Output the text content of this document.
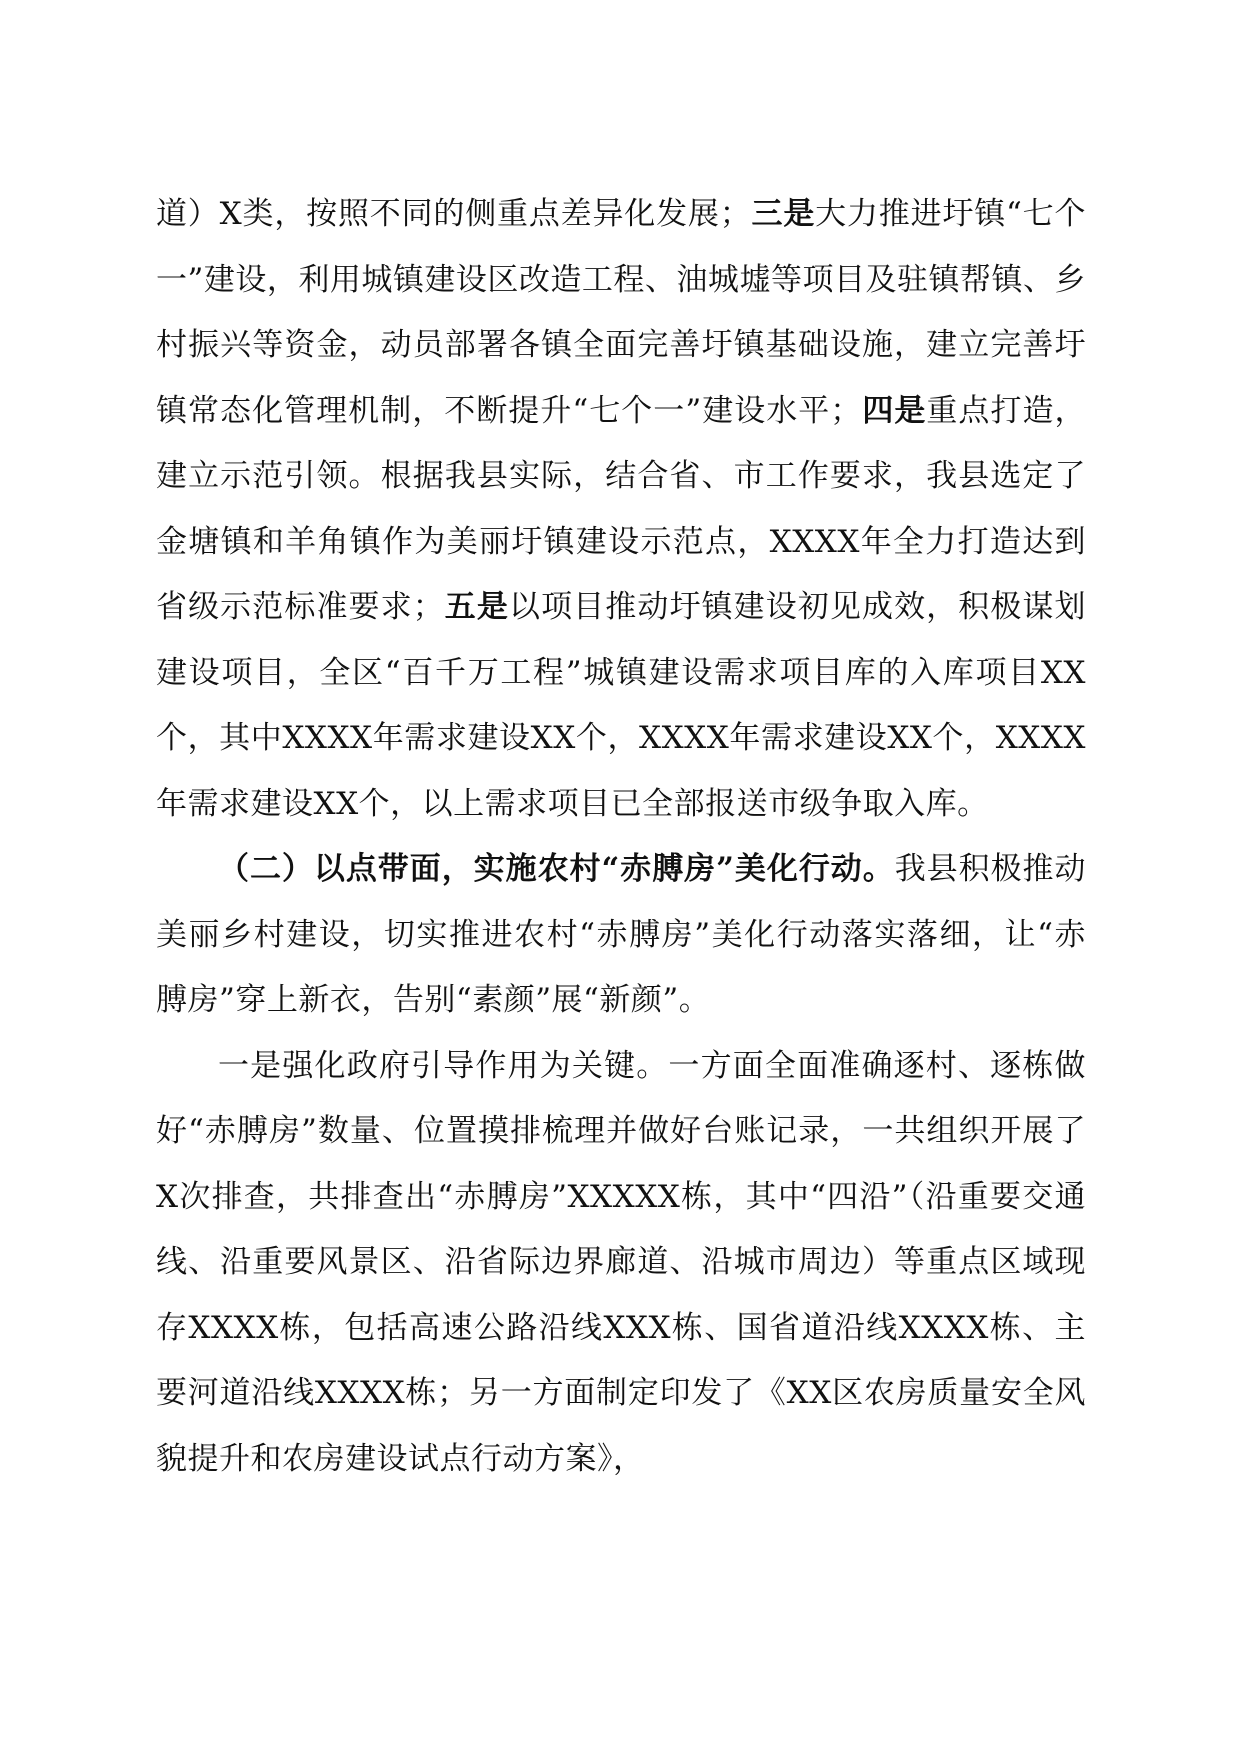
道）X类，按照不同的侧重点差异化发展；三是大力推进圩镇“七个一”建设，利用城镇建设区改造工程、油城墟等项目及驻镇帮镇、乡村振兴等资金，动员部署各镇全面完善圩镇基础设施，建立完善圩镇常态化管理机制，不断提升“七个一”建设水平；四是重点打造，建立示范引领。根据我县实际，结合省、市工作要求，我县选定了金塘镇和羊角镇作为美丽圩镇建设示范点，XXXX年全力打造达到省级示范标准要求；五是以项目推动圩镇建设初见成效，积极谋划建设项目，全区“百千万工程”城镇建设需求项目库的入库项目XX个，其中XXXX年需求建设XX个，XXXX年需求建设XX个，XXXX年需求建设XX个，以上需求项目已全部报送市级争取入库。

（二）以点带面，实施农村“赤膊房”美化行动。我县积极推动美丽乡村建设，切实推进农村“赤膊房”美化行动落实落细，让“赤膊房”穿上新衣，告别“素颜”展“新颜”。

一是强化政府引导作用为关键。一方面全面准确逐村、逐栋做好“赤膊房”数量、位置摸排梳理并做好台账记录，一共组织开展了X次排查，共排查出“赤膊房”XXXXX栋，其中“四沿”（沿重要交通线、沿重要风景区、沿省际边界廊道、沿城市周边）等重点区域现存XXXX栋，包括高速公路沿线XXX栋、国省道沿线XXXX栋、主要河道沿线XXXX栋；另一方面制定印发了《XX区农房质量安全风貌提升和农房建设试点行动方案》，
